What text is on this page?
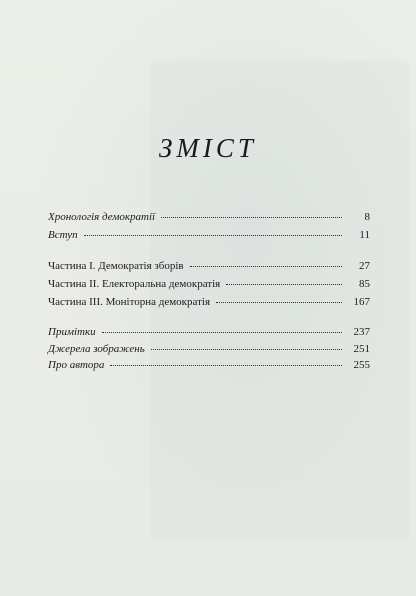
ЗМІСТ
Хронологія демократії	8
Вступ	11
Частина I. Демократія зборів	27
Частина II. Електоральна демократія	85
Частина III. Моніторна демократія	167
Примітки	237
Джерела зображень	251
Про автора	255
